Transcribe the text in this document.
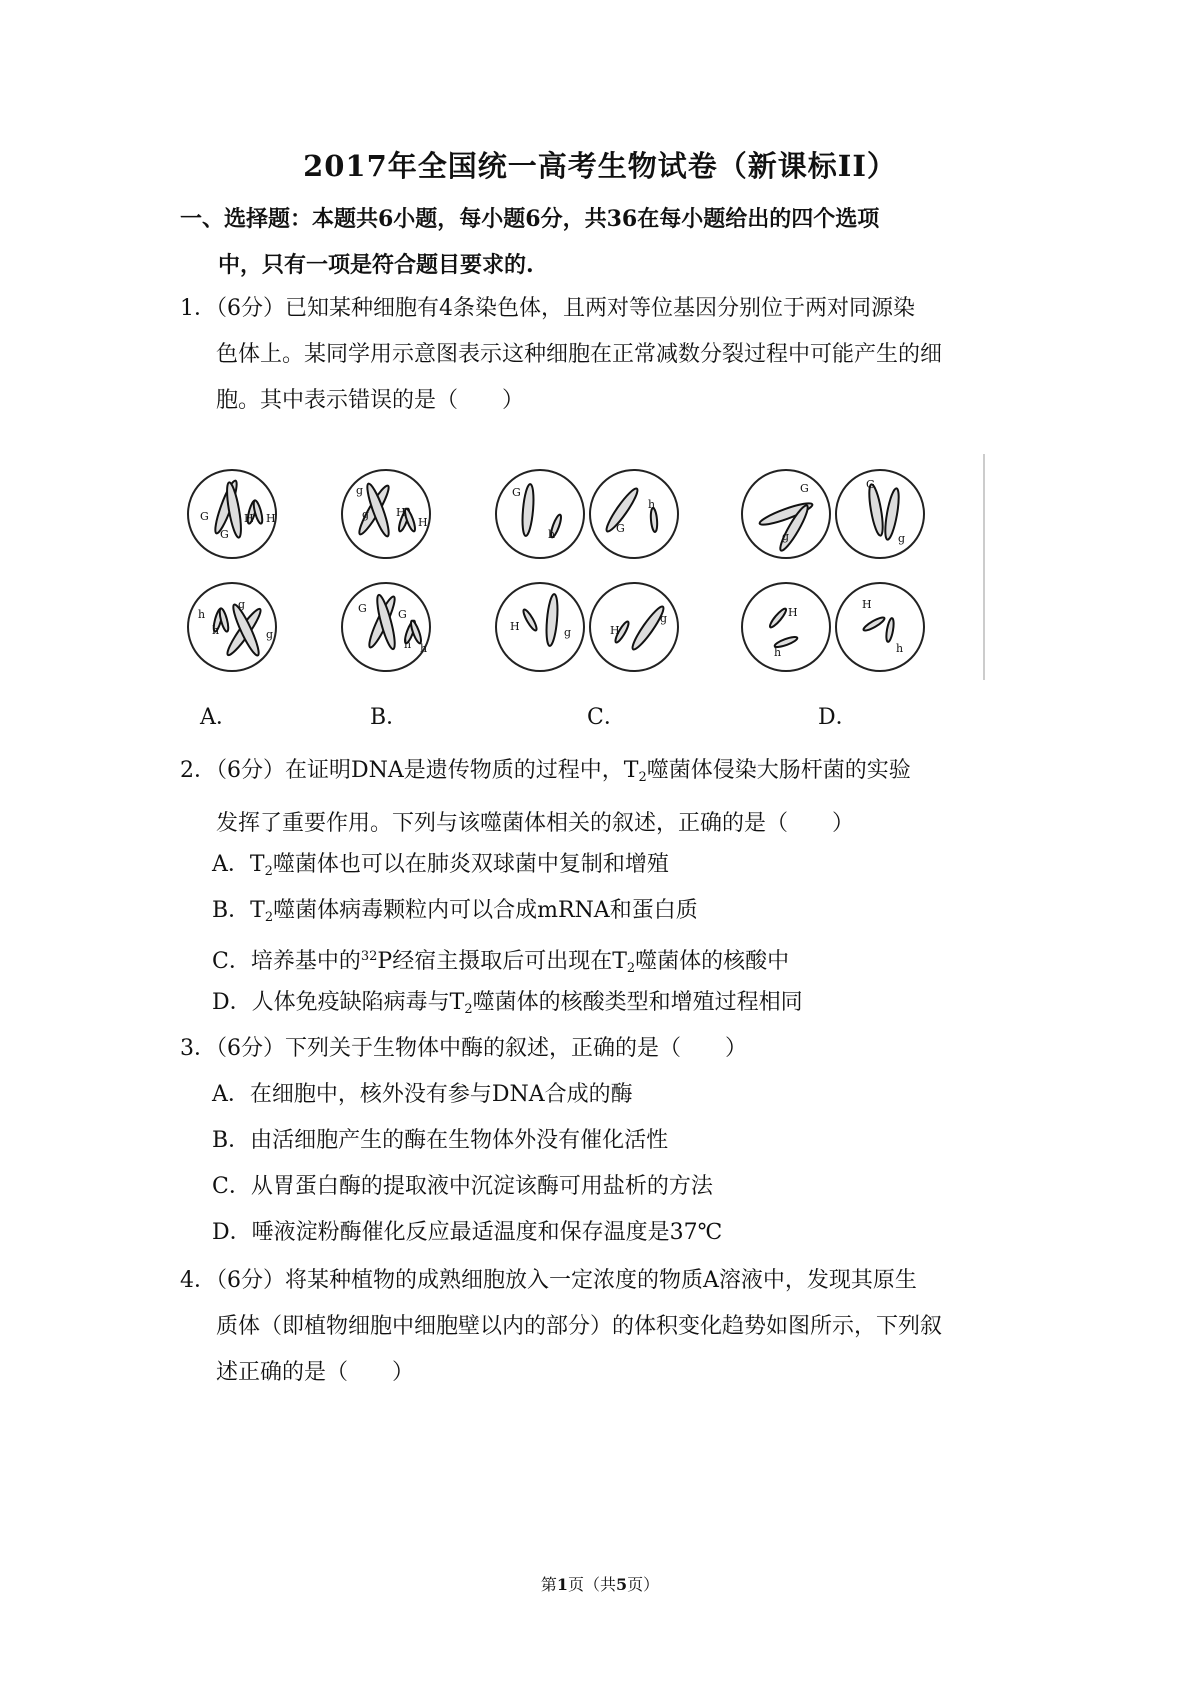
2017年全国统一高考生物试卷（新课标II）
一、选择题：本题共6小题，每小题6分，共36在每小题给出的四个选项
中，只有一项是符合题目要求的.
1．（6分）已知某种细胞有4条染色体，且两对等位基因分别位于两对同源染
色体上。某同学用示意图表示这种细胞在正常减数分裂过程中可能产生的细
胞。其中表示错误的是（　　）
G
G
H H
h
h
g
g
g
g H
H
G	G
h h
G
h	G
h
H	g	H
g
G
g
G
g
H
h
H
h
A．	B．	C．	D．
2．（6分）在证明DNA是遗传物质的过程中，$T_2$噬菌体侵染大肠杆菌的实验
发挥了重要作用。下列与该噬菌体相关的叙述，正确的是（　　）
A．$T_2$噬菌体也可以在肺炎双球菌中复制和增殖
B．$T_2$噬菌体病毒颗粒内可以合成mRNA和蛋白质
C．培养基中的$^{32}$P经宿主摄取后可出现在$T_2$噬菌体的核酸中
D．人体免疫缺陷病毒与$T_2$噬菌体的核酸类型和增殖过程相同
3．（6分）下列关于生物体中酶的叙述，正确的是（　　）
A．在细胞中，核外没有参与DNA合成的酶
B．由活细胞产生的酶在生物体外没有催化活性
C．从胃蛋白酶的提取液中沉淀该酶可用盐析的方法
D．唾液淀粉酶催化反应最适温度和保存温度是37℃
4．（6分）将某种植物的成熟细胞放入一定浓度的物质A溶液中，发现其原生
质体（即植物细胞中细胞壁以内的部分）的体积变化趋势如图所示，下列叙
述正确的是（　　）
第1页（共5页）
